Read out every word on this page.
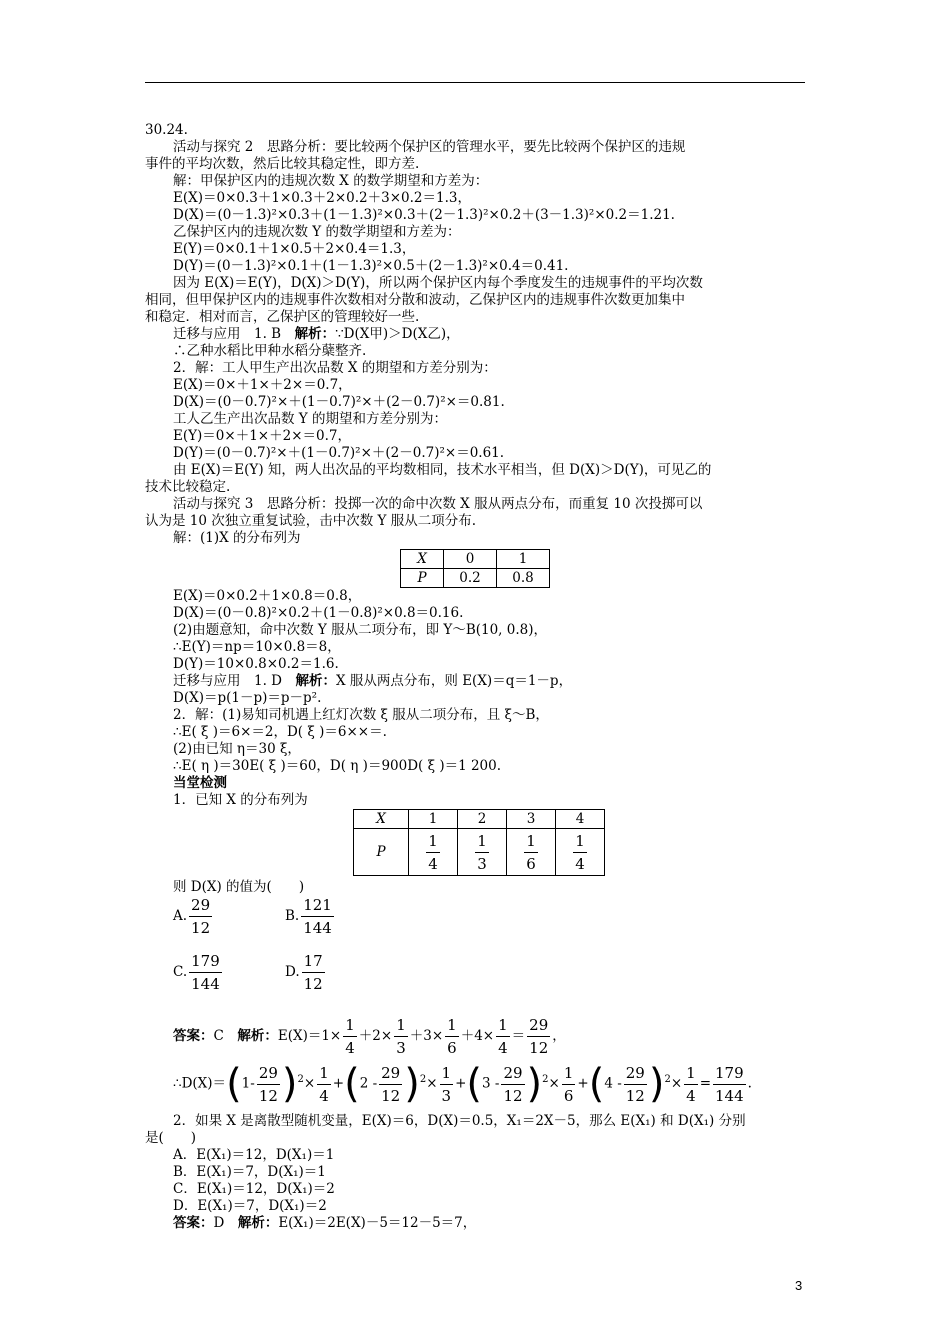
30.24.
活动与探究 2　思路分析：要比较两个保护区的管理水平，要先比较两个保护区的违规
事件的平均次数，然后比较其稳定性，即方差.
解：甲保护区内的违规次数 X 的数学期望和方差为：
E(X)＝0×0.3＋1×0.3＋2×0.2＋3×0.2＝1.3，
D(X)＝(0－1.3)²×0.3＋(1－1.3)²×0.3＋(2－1.3)²×0.2＋(3－1.3)²×0.2＝1.21.
乙保护区内的违规次数 Y 的数学期望和方差为：
E(Y)＝0×0.1＋1×0.5＋2×0.4＝1.3，
D(Y)＝(0－1.3)²×0.1＋(1－1.3)²×0.5＋(2－1.3)²×0.4＝0.41.
因为 E(X)＝E(Y)，D(X)＞D(Y)，所以两个保护区内每个季度发生的违规事件的平均次数
相同，但甲保护区内的违规事件次数相对分散和波动，乙保护区内的违规事件次数更加集中
和稳定．相对而言，乙保护区的管理较好一些.
迁移与应用　1. B　解析：∵D(X甲)＞D(X乙)，
∴乙种水稻比甲种水稻分蘖整齐.
2．解：工人甲生产出次品数 X 的期望和方差分别为：
E(X)＝0×＋1×＋2×＝0.7，
D(X)＝(0－0.7)²×＋(1－0.7)²×＋(2－0.7)²×＝0.81.
工人乙生产出次品数 Y 的期望和方差分别为：
E(Y)＝0×＋1×＋2×＝0.7，
D(Y)＝(0－0.7)²×＋(1－0.7)²×＋(2－0.7)²×＝0.61.
由 E(X)＝E(Y) 知，两人出次品的平均数相同，技术水平相当，但 D(X)＞D(Y)，可见乙的
技术比较稳定.
活动与探究 3　思路分析：投掷一次的命中次数 X 服从两点分布，而重复 10 次投掷可以
认为是 10 次独立重复试验，击中次数 Y 服从二项分布.
解：(1)X 的分布列为
X	0	1
P	0.2	0.8
E(X)＝0×0.2＋1×0.8＝0.8，
D(X)＝(0－0.8)²×0.2＋(1－0.8)²×0.8＝0.16.
(2)由题意知，命中次数 Y 服从二项分布，即 Y～B(10, 0.8)，
∴E(Y)＝np＝10×0.8＝8，
D(Y)＝10×0.8×0.2＝1.6.
迁移与应用　1. D　解析：X 服从两点分布，则 E(X)＝q＝1－p，
D(X)＝p(1－p)＝p－p².
2．解：(1)易知司机遇上红灯次数 ξ 服从二项分布，且 ξ～B，
∴E( ξ )＝6×＝2，D( ξ )＝6××＝.
(2)由已知 η＝30 ξ，
∴E( η )＝30E( ξ )＝60，D( η )＝900D( ξ )＝1 200.
当堂检测
1．已知 X 的分布列为
X	1	2	3	4
P	$\frac{1}{4}$	$\frac{1}{3}$	$\frac{1}{6}$	$\frac{1}{4}$
则 D(X) 的值为(　　)
A. $\frac{29}{12}$	B. $\frac{121}{144}$
C. $\frac{179}{144}$	D. $\frac{17}{12}$
答案：C　 解析：$E(X)=1\times \frac{1}{4} +2\times \frac{1}{3} +3\times \frac{1}{6} +4\times \frac{1}{4} = \frac{29}{12}$ ，
∴D(X)＝(1- $\frac{29}{12} )^2\times \frac{1}{4} +(2 - \frac{29}{12} )^2\times \frac{1}{3} +(3 - \frac{29}{12} )^2\times \frac{1}{6} +(4 - \frac{29}{12} )^2\times \frac{1}{4} = \frac{179}{144}$ .
2．如果 X 是离散型随机变量，E(X)＝6，D(X)＝0.5，X₁＝2X－5，那么 E(X₁) 和 D(X₁) 分别
是(　　)
A．E(X₁)＝12，D(X₁)＝1
B．E(X₁)＝7，D(X₁)＝1
C．E(X₁)＝12，D(X₁)＝2
D．E(X₁)＝7，D(X₁)＝2
答案：D　 解析：E(X₁)＝2E(X)－5＝12－5＝7，
3
